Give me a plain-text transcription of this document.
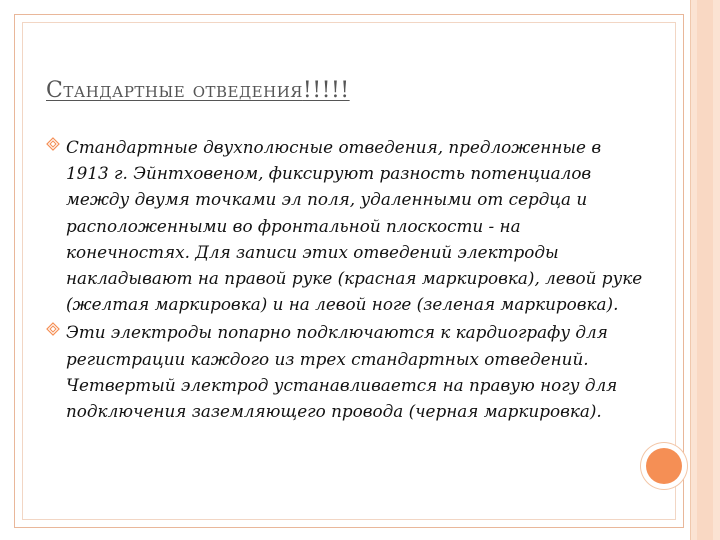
Стандартные отведения!!!!!
Стандартные двухполюсные отведения, предложенные в 1913 г. Эйнтховеном, фиксируют разность потенциалов между двумя точками эл поля, удаленными от сердца и расположенными во фронтальной плоскости - на конечностях. Для записи этих отведений электроды накладывают на правой руке (красная маркировка), левой руке (желтая маркировка) и на левой ноге (зеленая маркировка).
Эти электроды попарно подключаются к кардиографу для регистрации каждого из трех стандартных отведений. Четвертый электрод устанавливается на правую ногу для подключения заземляющего провода (черная маркировка).
